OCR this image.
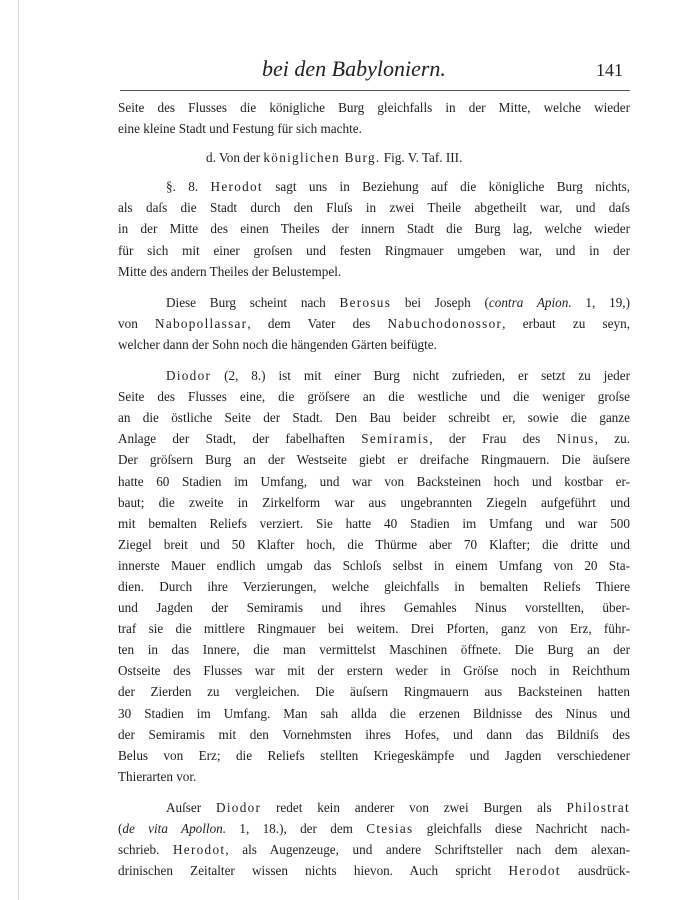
bei den Babyloniern.	141
Seite des Flusses die königliche Burg gleichfalls in der Mitte, welche wieder
eine kleine Stadt und Festung für sich machte.
d. Von der königlichen Burg. Fig. V. Taf. III.
§. 8. Herodot sagt uns in Beziehung auf die königliche Burg nichts,
als daſs die Stadt durch den Fluſs in zwei Theile abgetheilt war, und daſs
in der Mitte des einen Theiles der innern Stadt die Burg lag, welche wieder
für sich mit einer groſsen und festen Ringmauer umgeben war, und in der
Mitte des andern Theiles der Belustempel.
Diese Burg scheint nach Berosus bei Joseph (contra Apion. 1, 19,)
von Nabopollassar, dem Vater des Nabuchodonossor, erbaut zu seyn,
welcher dann der Sohn noch die hängenden Gärten beifügte.
Diodor (2, 8.) ist mit einer Burg nicht zufrieden, er setzt zu jeder
Seite des Flusses eine, die gröſsere an die westliche und die weniger groſse
an die östliche Seite der Stadt. Den Bau beider schreibt er, sowie die ganze
Anlage der Stadt, der fabelhaften Semiramis, der Frau des Ninus, zu.
Der gröſsern Burg an der Westseite giebt er dreifache Ringmauern. Die äuſsere
hatte 60 Stadien im Umfang, und war von Backsteinen hoch und kostbar er-
baut; die zweite in Zirkelform war aus ungebrannten Ziegeln aufgeführt und
mit bemalten Reliefs verziert. Sie hatte 40 Stadien im Umfang und war 500
Ziegel breit und 50 Klafter hoch, die Thürme aber 70 Klafter; die dritte und
innerste Mauer endlich umgab das Schloſs selbst in einem Umfang von 20 Sta-
dien. Durch ihre Verzierungen, welche gleichfalls in bemalten Reliefs Thiere
und Jagden der Semiramis und ihres Gemahles Ninus vorstellten, über-
traf sie die mittlere Ringmauer bei weitem. Drei Pforten, ganz von Erz, führ-
ten in das Innere, die man vermittelst Maschinen öffnete. Die Burg an der
Ostseite des Flusses war mit der erstern weder in Gröſse noch in Reichthum
der Zierden zu vergleichen. Die äuſsern Ringmauern aus Backsteinen hatten
30 Stadien im Umfang. Man sah allda die erzenen Bildnisse des Ninus und
der Semiramis mit den Vornehmsten ihres Hofes, und dann das Bildniſs des
Belus von Erz; die Reliefs stellten Kriegeskämpfe und Jagden verschiedener
Thierarten vor.
Auſser Diodor redet kein anderer von zwei Burgen als Philostrat
(de vita Apollon. 1, 18.), der dem Ctesias gleichfalls diese Nachricht nach-
schrieb. Herodot, als Augenzeuge, und andere Schriftsteller nach dem alexan-
drinischen Zeitalter wissen nichts hievon. Auch spricht Herodot ausdrück-
